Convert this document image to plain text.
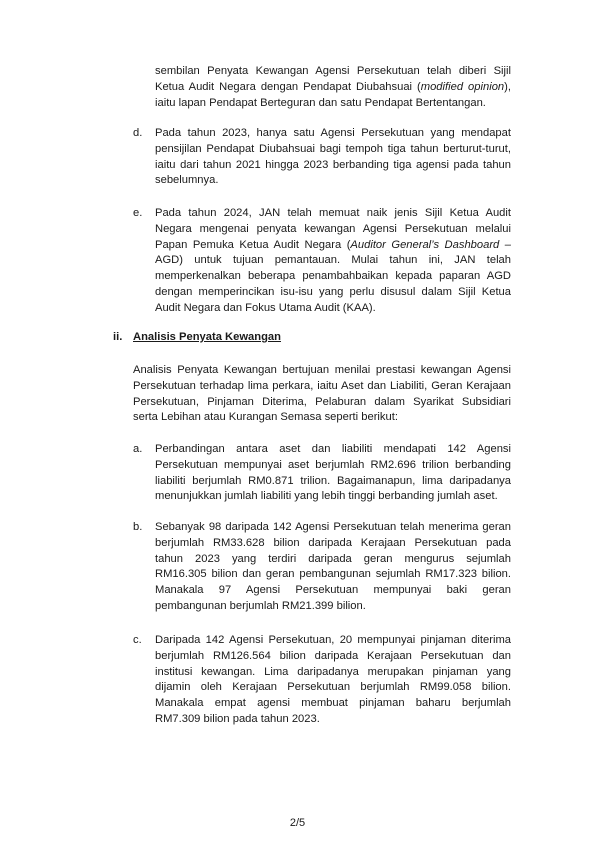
sembilan Penyata Kewangan Agensi Persekutuan telah diberi Sijil
Ketua Audit Negara dengan Pendapat Diubahsuai (modified opinion),
iaitu lapan Pendapat Berteguran dan satu Pendapat Bertentangan.
d. Pada tahun 2023, hanya satu Agensi Persekutuan yang mendapat
pensijilan Pendapat Diubahsuai bagi tempoh tiga tahun berturut-turut,
iaitu dari tahun 2021 hingga 2023 berbanding tiga agensi pada tahun
sebelumnya.
e. Pada tahun 2024, JAN telah memuat naik jenis Sijil Ketua Audit
Negara mengenai penyata kewangan Agensi Persekutuan melalui
Papan Pemuka Ketua Audit Negara (Auditor General’s Dashboard –
AGD) untuk tujuan pemantauan. Mulai tahun ini, JAN telah
memperkenalkan beberapa penambahbaikan kepada paparan AGD
dengan memperincikan isu-isu yang perlu disusul dalam Sijil Ketua
Audit Negara dan Fokus Utama Audit (KAA).
ii. Analisis Penyata Kewangan
Analisis Penyata Kewangan bertujuan menilai prestasi kewangan Agensi
Persekutuan terhadap lima perkara, iaitu Aset dan Liabiliti, Geran Kerajaan
Persekutuan, Pinjaman Diterima, Pelaburan dalam Syarikat Subsidiari
serta Lebihan atau Kurangan Semasa seperti berikut:
a. Perbandingan antara aset dan liabiliti mendapati 142 Agensi
Persekutuan mempunyai aset berjumlah RM2.696 trilion berbanding
liabiliti berjumlah RM0.871 trilion. Bagaimanapun, lima daripadanya
menunjukkan jumlah liabiliti yang lebih tinggi berbanding jumlah aset.
b. Sebanyak 98 daripada 142 Agensi Persekutuan telah menerima geran
berjumlah RM33.628 bilion daripada Kerajaan Persekutuan pada
tahun 2023 yang terdiri daripada geran mengurus sejumlah
RM16.305 bilion dan geran pembangunan sejumlah RM17.323 bilion.
Manakala 97 Agensi Persekutuan mempunyai baki geran
pembangunan berjumlah RM21.399 bilion.
c. Daripada 142 Agensi Persekutuan, 20 mempunyai pinjaman diterima
berjumlah RM126.564 bilion daripada Kerajaan Persekutuan dan
institusi kewangan. Lima daripadanya merupakan pinjaman yang
dijamin oleh Kerajaan Persekutuan berjumlah RM99.058 bilion.
Manakala empat agensi membuat pinjaman baharu berjumlah
RM7.309 bilion pada tahun 2023.
2/5
